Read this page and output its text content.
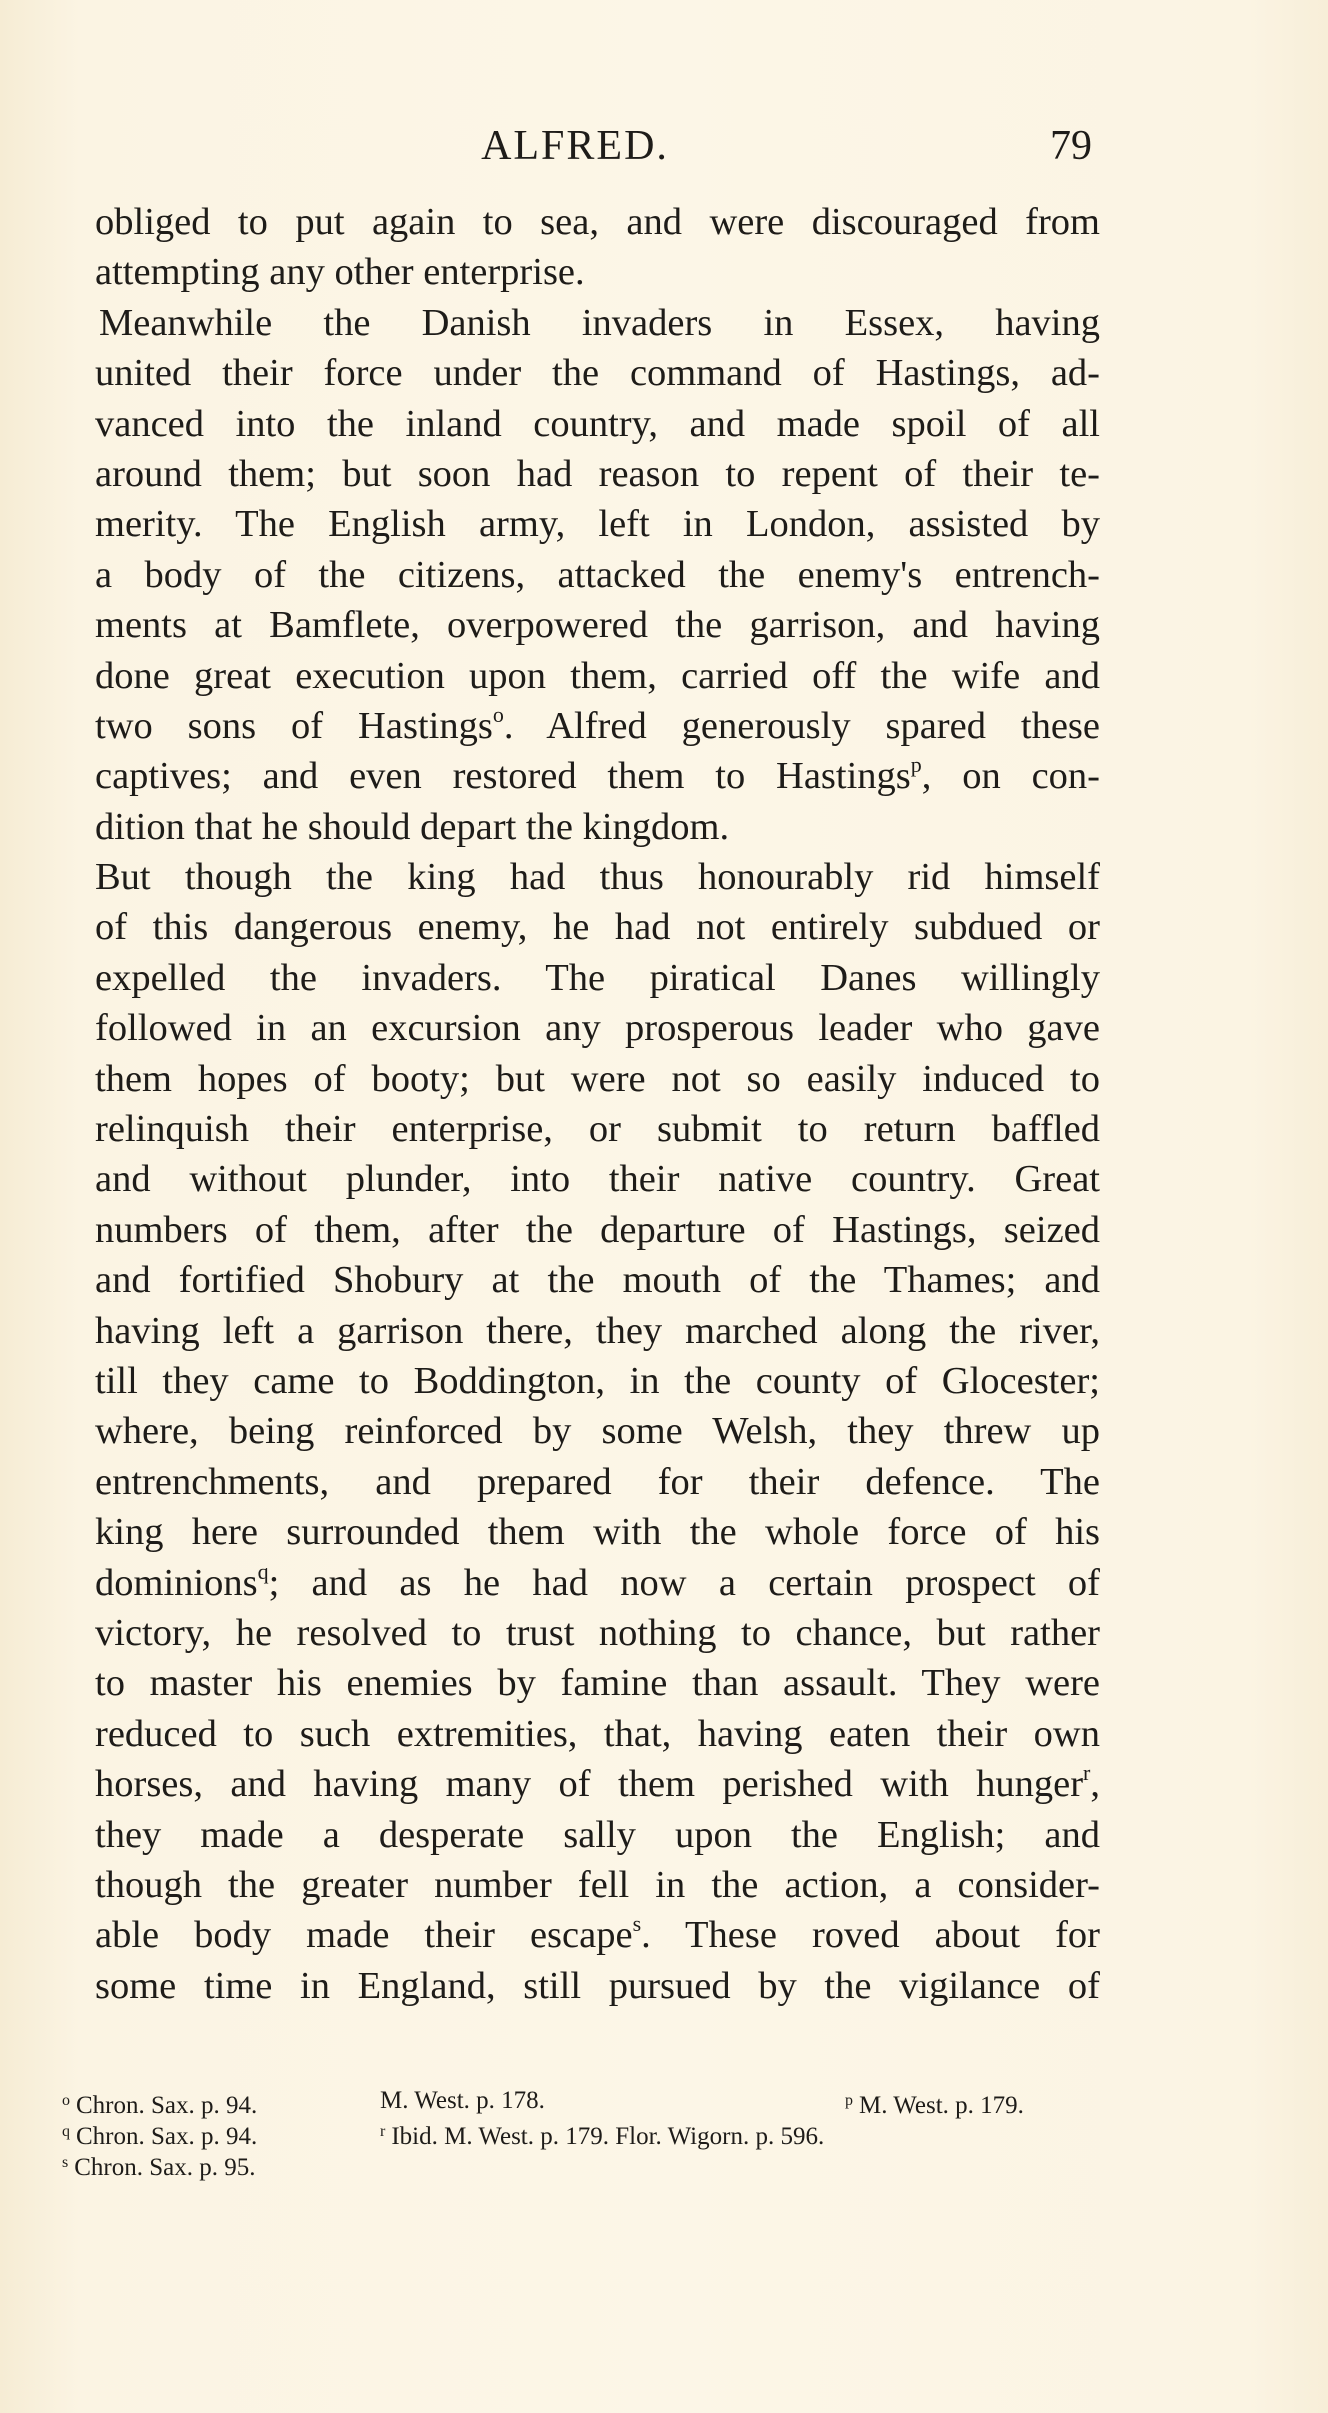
ALFRED.	79
obliged to put again to sea, and were discouraged from
attempting any other enterprise.
Meanwhile the Danish invaders in Essex, having
united their force under the command of Hastings, ad-
vanced into the inland country, and made spoil of all
around them; but soon had reason to repent of their te-
merity. The English army, left in London, assisted by
a body of the citizens, attacked the enemy's entrench-
ments at Bamflete, overpowered the garrison, and having
done great execution upon them, carried off the wife and
two sons of Hastings$^o$. Alfred generously spared these
captives; and even restored them to Hastings$^p$, on con-
dition that he should depart the kingdom.
But though the king had thus honourably rid himself
of this dangerous enemy, he had not entirely subdued or
expelled the invaders. The piratical Danes willingly
followed in an excursion any prosperous leader who gave
them hopes of booty; but were not so easily induced to
relinquish their enterprise, or submit to return baffled
and without plunder, into their native country. Great
numbers of them, after the departure of Hastings, seized
and fortified Shobury at the mouth of the Thames; and
having left a garrison there, they marched along the river,
till they came to Boddington, in the county of Glocester;
where, being reinforced by some Welsh, they threw up
entrenchments, and prepared for their defence. The
king here surrounded them with the whole force of his
dominions$^q$; and as he had now a certain prospect of
victory, he resolved to trust nothing to chance, but rather
to master his enemies by famine than assault. They were
reduced to such extremities, that, having eaten their own
horses, and having many of them perished with hunger$^r$,
they made a desperate sally upon the English; and
though the greater number fell in the action, a consider-
able body made their escape$^s$. These roved about for
some time in England, still pursued by the vigilance of
$^o$ Chron. Sax. p. 94.	M. West. p. 178.	$^p$ M. West. p. 179.
$^q$ Chron. Sax. p. 94.	$^r$ Ibid. M. West. p. 179. Flor. Wigorn. p. 596.
$^s$ Chron. Sax. p. 95.
